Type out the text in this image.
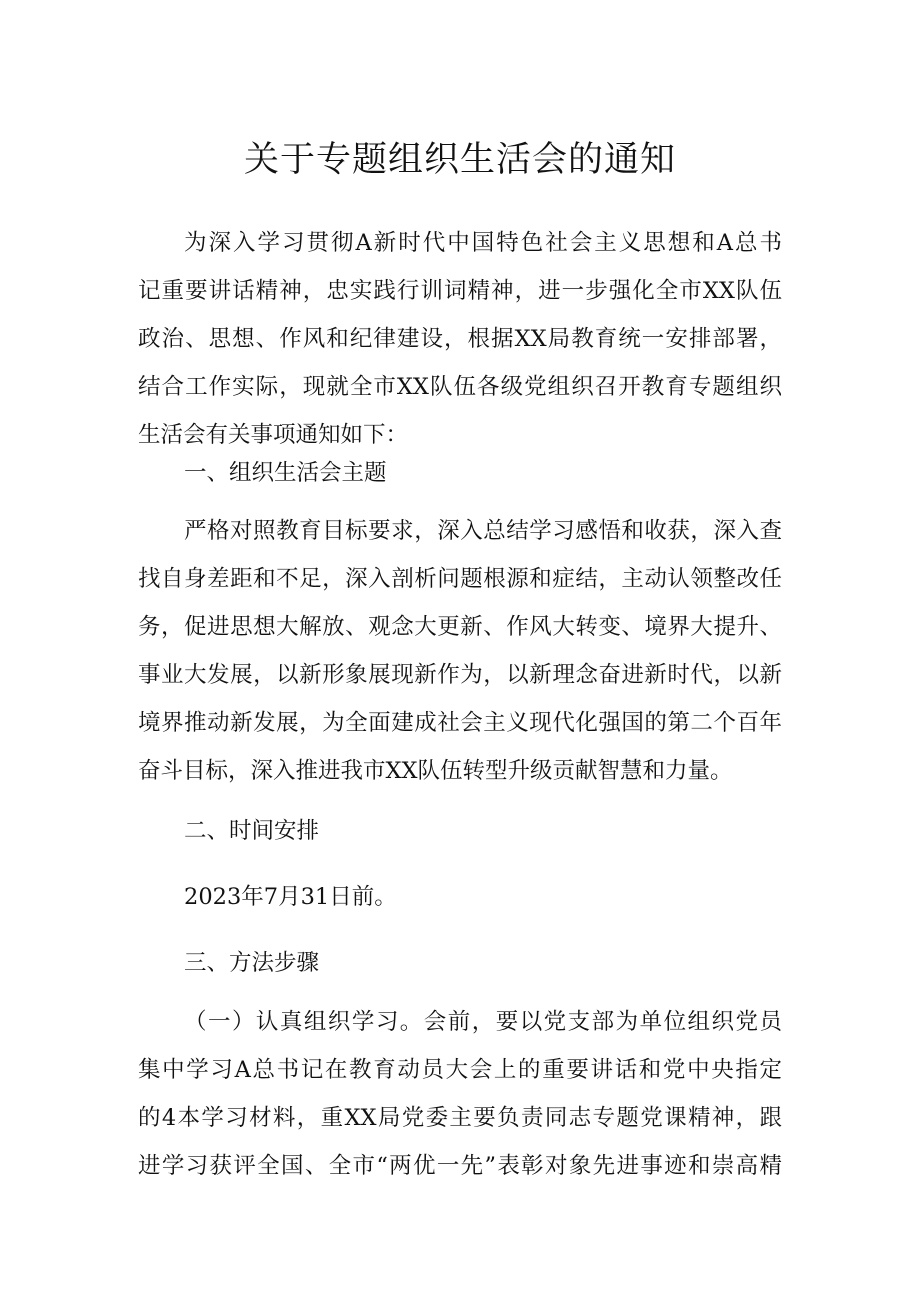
关于专题组织生活会的通知
为深入学习贯彻A新时代中国特色社会主义思想和A总书
记重要讲话精神，忠实践行训词精神，进一步强化全市XX队伍
政治、思想、作风和纪律建设，根据XX局教育统一安排部署，
结合工作实际，现就全市XX队伍各级党组织召开教育专题组织
生活会有关事项通知如下：
一、组织生活会主题
严格对照教育目标要求，深入总结学习感悟和收获，深入查
找自身差距和不足，深入剖析问题根源和症结，主动认领整改任
务，促进思想大解放、观念大更新、作风大转变、境界大提升、
事业大发展，以新形象展现新作为，以新理念奋进新时代，以新
境界推动新发展，为全面建成社会主义现代化强国的第二个百年
奋斗目标，深入推进我市XX队伍转型升级贡献智慧和力量。
二、时间安排
2023年7月31日前。
三、方法步骤
（一）认真组织学习。会前，要以党支部为单位组织党员
集中学习A总书记在教育动员大会上的重要讲话和党中央指定
的4本学习材料，重XX局党委主要负责同志专题党课精神，跟
进学习获评全国、全市“两优一先”表彰对象先进事迹和崇高精
